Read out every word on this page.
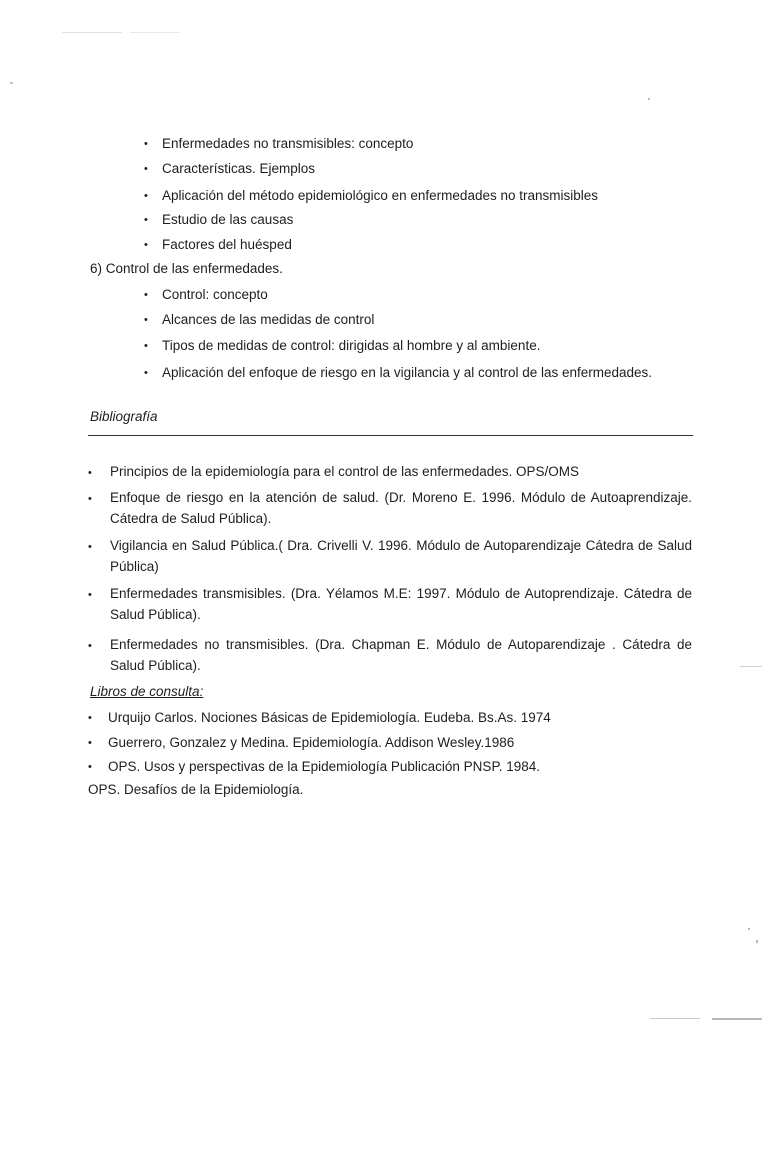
• Enfermedades no transmisibles: concepto
• Características. Ejemplos
• Aplicación del método epidemiológico en enfermedades no transmisibles
• Estudio de las causas
• Factores del huésped
6) Control de las enfermedades.
• Control: concepto
• Alcances de las medidas de control
• Tipos de medidas de control: dirigidas al hombre y al ambiente.
• Aplicación del enfoque de riesgo en la vigilancia y al control de las enfermedades.
Bibliografía
• Principios de la epidemiología para el control de las enfermedades. OPS/OMS
• Enfoque de riesgo en la atención de salud. (Dr. Moreno E. 1996. Módulo de Autoaprendizaje. Cátedra de Salud Pública).
• Vigilancia en Salud Pública.( Dra. Crivelli V. 1996. Módulo de Autoparendizaje Cátedra de Salud Pública)
• Enfermedades transmisibles. (Dra. Yélamos M.E: 1997. Módulo de Autoprendizaje. Cátedra de Salud Pública).
• Enfermedades no transmisibles. (Dra. Chapman E. Módulo de Autoparendizaje . Cátedra de Salud Pública).
Libros de consulta:
• Urquijo Carlos. Nociones Básicas de Epidemiología. Eudeba. Bs.As. 1974
• Guerrero, Gonzalez y Medina. Epidemiología. Addison Wesley.1986
• OPS. Usos y perspectivas de la Epidemiología Publicación PNSP. 1984.
OPS. Desafíos de la Epidemiología.
